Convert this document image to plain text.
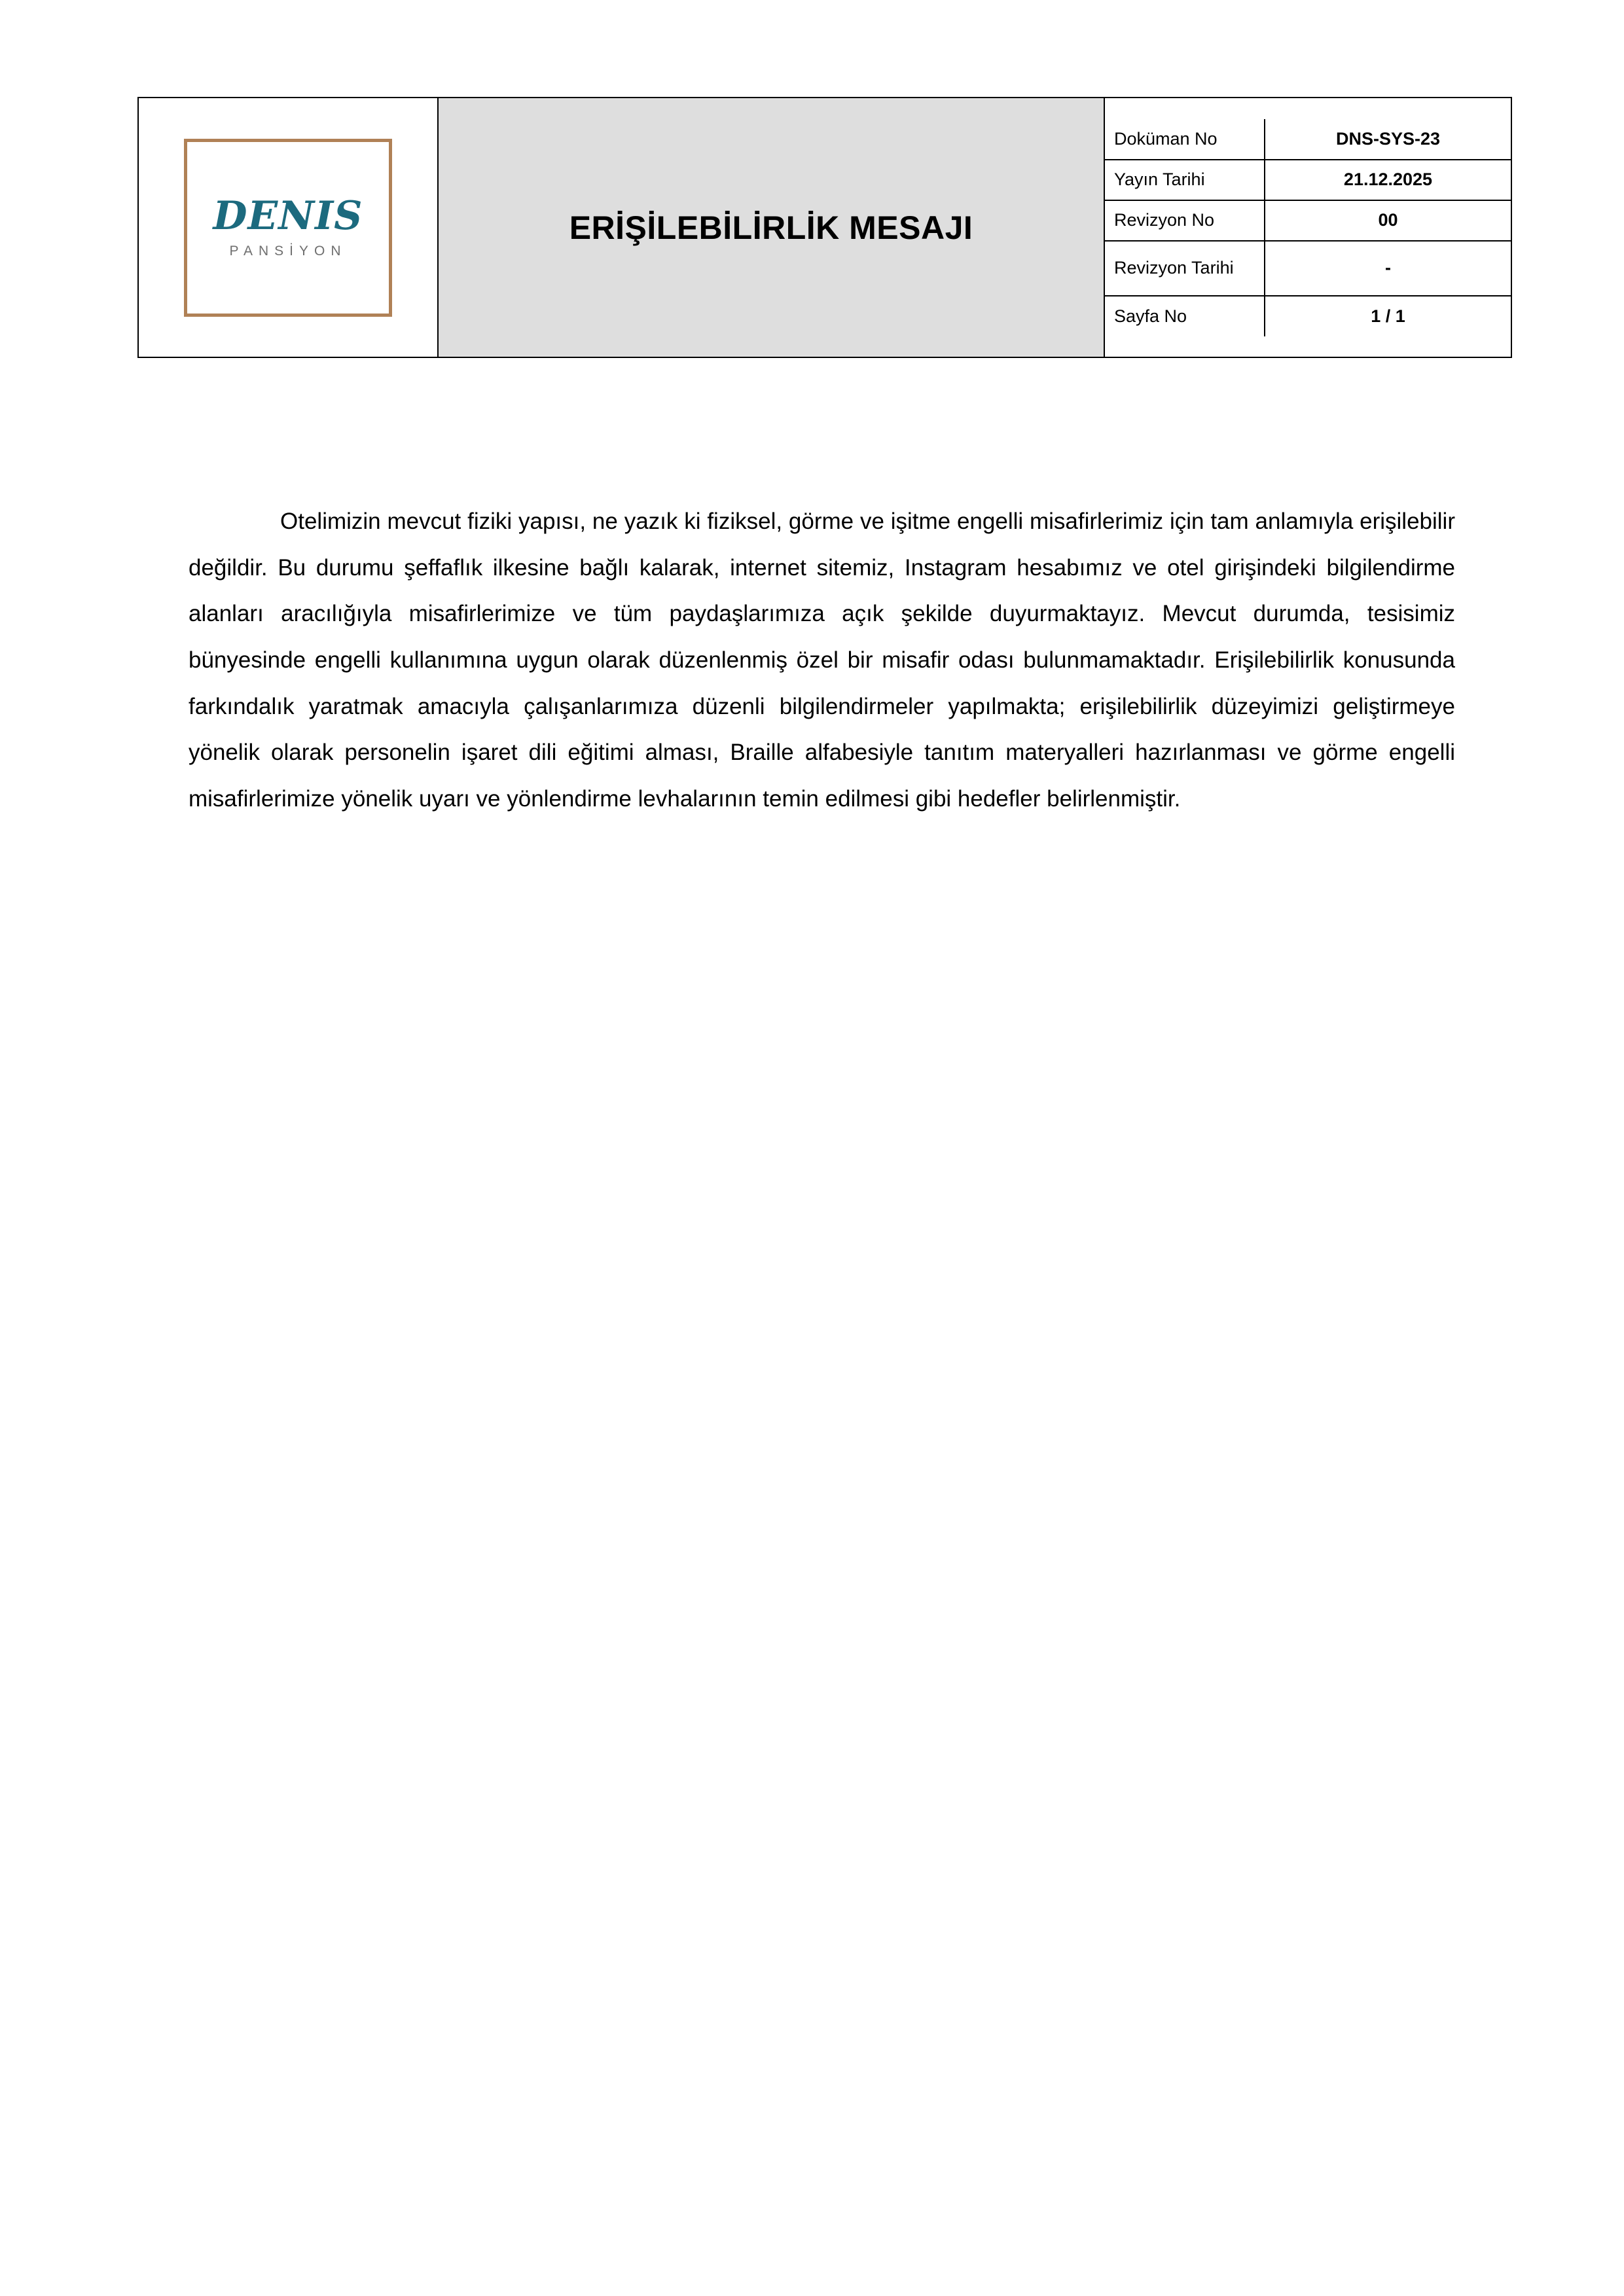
DENIS
PANSİYON

ERİŞİLEBİLİRLİK MESAJI

Doküman No	DNS-SYS-23
Yayın Tarihi	21.12.2025
Revizyon No	00
Revizyon Tarihi	-
Sayfa No	1 / 1

Otelimizin mevcut fiziki yapısı, ne yazık ki fiziksel, görme ve işitme engelli misafirlerimiz için tam anlamıyla erişilebilir değildir. Bu durumu şeffaflık ilkesine bağlı kalarak, internet sitemiz, Instagram hesabımız ve otel girişindeki bilgilendirme alanları aracılığıyla misafirlerimize ve tüm paydaşlarımıza açık şekilde duyurmaktayız. Mevcut durumda, tesisimiz bünyesinde engelli kullanımına uygun olarak düzenlenmiş özel bir misafir odası bulunmamaktadır. Erişilebilirlik konusunda farkındalık yaratmak amacıyla çalışanlarımıza düzenli bilgilendirmeler yapılmakta; erişilebilirlik düzeyimizi geliştirmeye yönelik olarak personelin işaret dili eğitimi alması, Braille alfabesiyle tanıtım materyalleri hazırlanması ve görme engelli misafirlerimize yönelik uyarı ve yönlendirme levhalarının temin edilmesi gibi hedefler belirlenmiştir.
